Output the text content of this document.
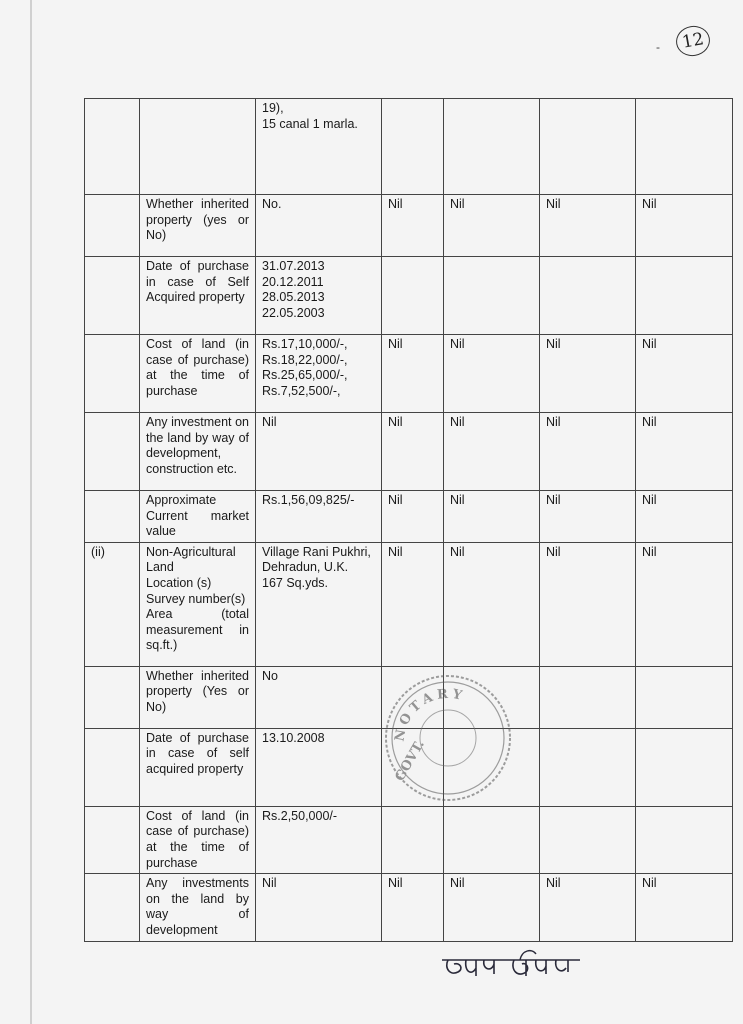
-	12
		19),
15 canal 1 marla.				
	Whether inherited property (yes or No)	No.	Nil	Nil	Nil	Nil
	Date of purchase in case of Self Acquired property	31.07.2013
20.12.2011
28.05.2013
22.05.2003				
	Cost of land (in case of purchase) at the time of purchase	Rs.17,10,000/-,
Rs.18,22,000/-,
Rs.25,65,000/-,
Rs.7,52,500/-,	Nil	Nil	Nil	Nil
	Any investment on the land by way of development, construction etc.	Nil	Nil	Nil	Nil	Nil
	Approximate Current market value	Rs.1,56,09,825/-	Nil	Nil	Nil	Nil
(ii)	Non-Agricultural Land
Location (s)
Survey number(s)
Area (total measurement in sq.ft.)	Village Rani Pukhri, Dehradun, U.K.
167 Sq.yds.	Nil	Nil	Nil	Nil
	Whether inherited property (Yes or No)	No				
	Date of purchase in case of self acquired property	13.10.2008				
	Cost of land (in case of purchase) at the time of purchase	Rs.2,50,000/-				
	Any investments on the land by way of development	Nil	Nil	Nil	Nil	Nil
NOTARY
GOVT.
